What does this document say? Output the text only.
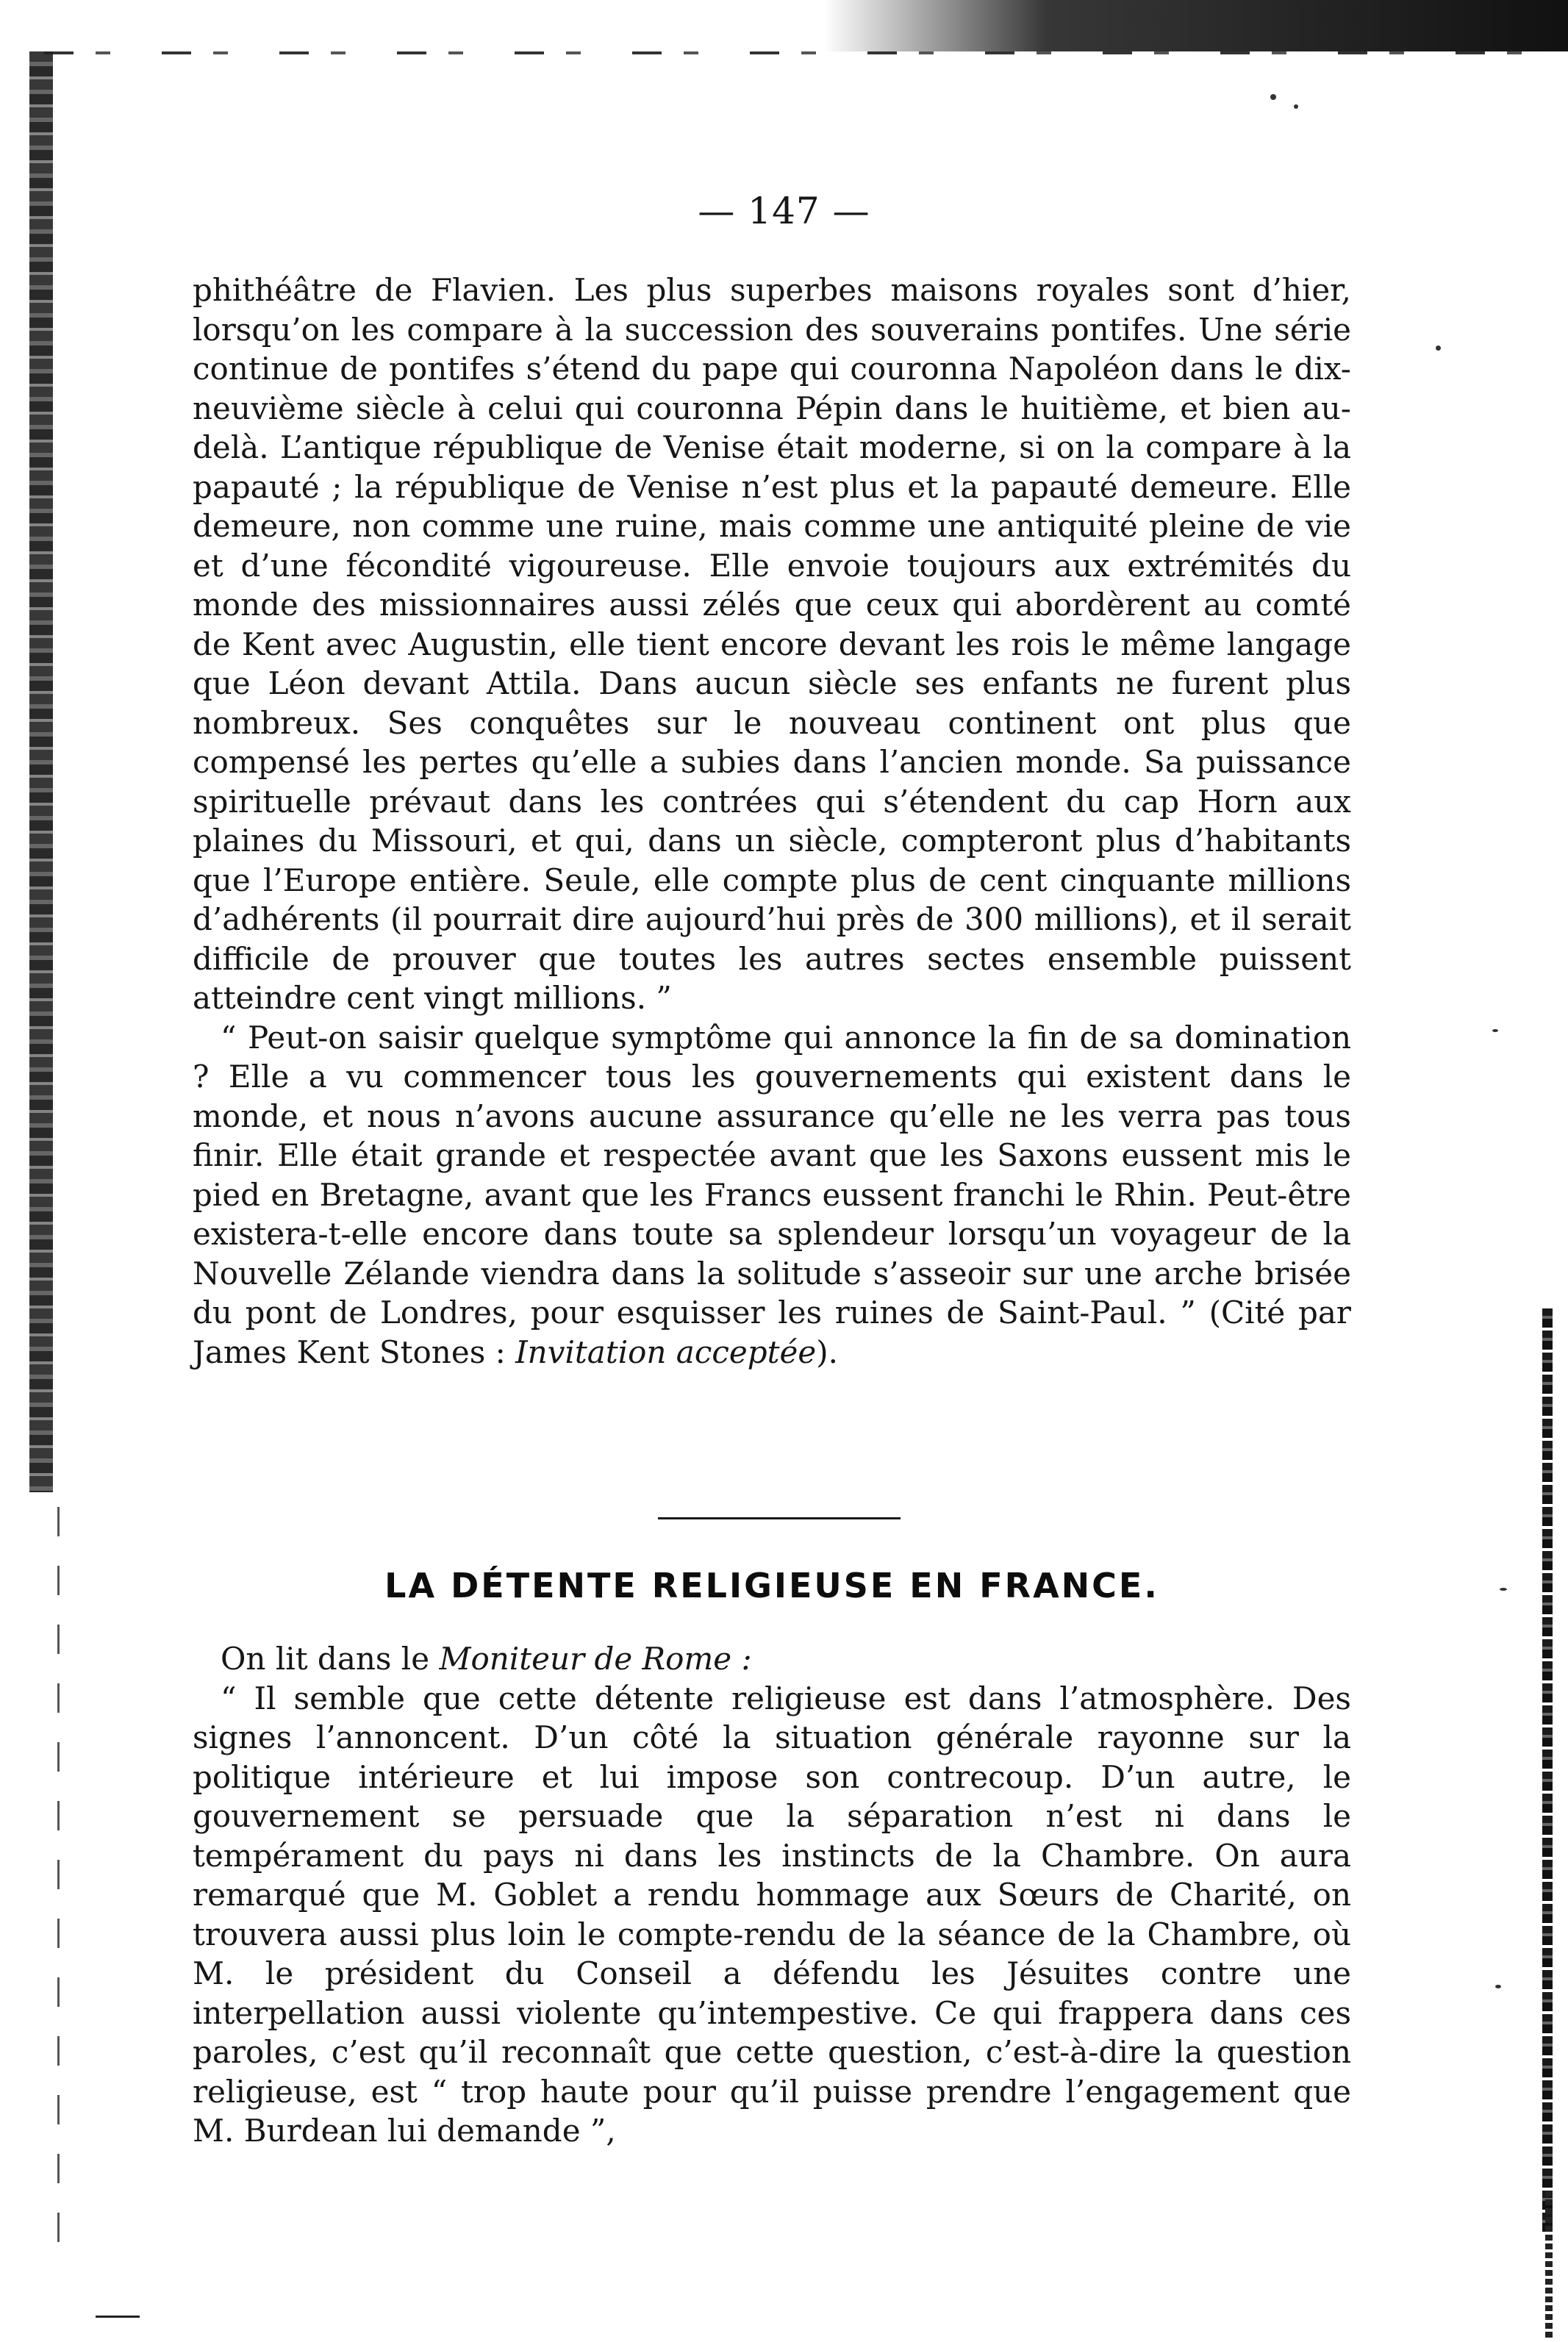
— 147 —

phithéâtre de Flavien. Les plus superbes maisons royales sont d’hier, lorsqu’on les compare à la succession des souverains pontifes. Une série continue de pontifes s’étend du pape qui couronna Napoléon dans le dix-neuvième siècle à celui qui couronna Pépin dans le huitième, et bien au-delà. L’antique république de Venise était moderne, si on la compare à la papauté ; la république de Venise n’est plus et la papauté demeure. Elle demeure, non comme une ruine, mais comme une antiquité pleine de vie et d’une fécondité vigoureuse. Elle envoie toujours aux extrémités du monde des missionnaires aussi zélés que ceux qui abordèrent au comté de Kent avec Augustin, elle tient encore devant les rois le même langage que Léon devant Attila. Dans aucun siècle ses enfants ne furent plus nombreux. Ses conquêtes sur le nouveau continent ont plus que compensé les pertes qu’elle a subies dans l’ancien monde. Sa puissance spirituelle prévaut dans les contrées qui s’étendent du cap Horn aux plaines du Missouri, et qui, dans un siècle, compteront plus d’habitants que l’Europe entière. Seule, elle compte plus de cent cinquante millions d’adhérents (il pourrait dire aujourd’hui près de 300 millions), et il serait difficile de prouver que toutes les autres sectes ensemble puissent atteindre cent vingt millions. ”

“ Peut-on saisir quelque symptôme qui annonce la fin de sa domination ? Elle a vu commencer tous les gouvernements qui existent dans le monde, et nous n’avons aucune assurance qu’elle ne les verra pas tous finir. Elle était grande et respectée avant que les Saxons eussent mis le pied en Bretagne, avant que les Francs eussent franchi le Rhin. Peut-être existera-t-elle encore dans toute sa splendeur lorsqu’un voyageur de la Nouvelle Zélande viendra dans la solitude s’asseoir sur une arche brisée du pont de Londres, pour esquisser les ruines de Saint-Paul. ” (Cité par James Kent Stones : Invitation acceptée).

LA DÉTENTE RELIGIEUSE EN FRANCE.

On lit dans le Moniteur de Rome :

“ Il semble que cette détente religieuse est dans l’atmosphère. Des signes l’annoncent. D’un côté la situation générale rayonne sur la politique intérieure et lui impose son contrecoup. D’un autre, le gouvernement se persuade que la séparation n’est ni dans le tempérament du pays ni dans les instincts de la Chambre. On aura remarqué que M. Goblet a rendu hommage aux Sœurs de Charité, on trouvera aussi plus loin le compte-rendu de la séance de la Chambre, où M. le président du Conseil a défendu les Jésuites contre une interpellation aussi violente qu’intempestive. Ce qui frappera dans ces paroles, c’est qu’il reconnaît que cette question, c’est-à-dire la question religieuse, est “ trop haute pour qu’il puisse prendre l’engagement que M. Burdean lui demande ”,
